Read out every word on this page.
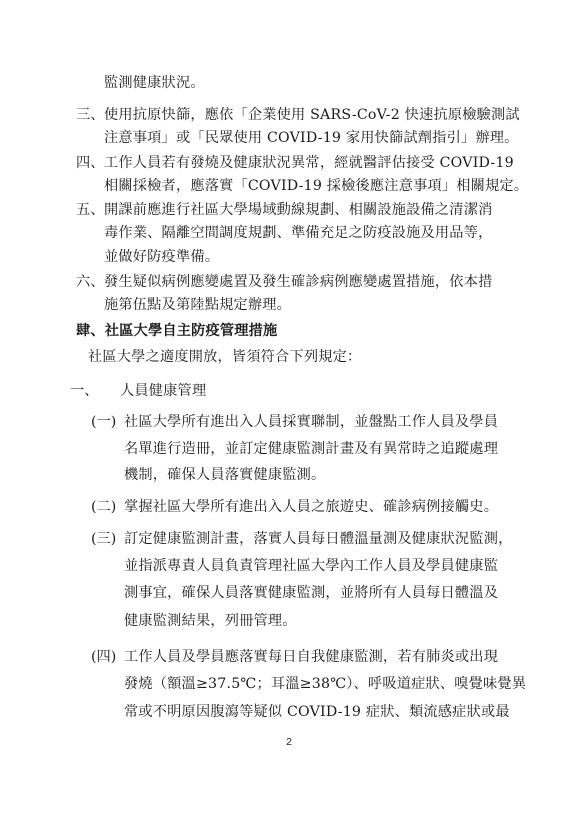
監測健康狀況。
三、 使用抗原快篩，應依「企業使用 SARS-CoV-2 快速抗原檢驗測試
注意事項」或「民眾使用 COVID-19 家用快篩試劑指引」辦理。
四、 工作人員若有發燒及健康狀況異常，經就醫評估接受 COVID-19
相關採檢者，應落實「COVID-19 採檢後應注意事項」相關規定。
五、 開課前應進行社區大學場域動線規劃、相關設施設備之清潔消
毒作業、隔離空間調度規劃、準備充足之防疫設施及用品等，
並做好防疫準備。
六、 發生疑似病例應變處置及發生確診病例應變處置措施，依本措
施第伍點及第陸點規定辦理。
肆、社區大學自主防疫管理措施
社區大學之適度開放，皆須符合下列規定：
一、 人員健康管理
(一) 社區大學所有進出入人員採實聯制，並盤點工作人員及學員
名單進行造冊，並訂定健康監測計畫及有異常時之追蹤處理
機制，確保人員落實健康監測。
(二) 掌握社區大學所有進出入人員之旅遊史、確診病例接觸史。
(三) 訂定健康監測計畫，落實人員每日體溫量測及健康狀況監測，
並指派專責人員負責管理社區大學內工作人員及學員健康監
測事宜，確保人員落實健康監測，並將所有人員每日體溫及
健康監測結果，列冊管理。
(四) 工作人員及學員應落實每日自我健康監測，若有肺炎或出現
發燒（額溫≥37.5℃；耳溫≥38℃）、呼吸道症狀、嗅覺味覺異
常或不明原因腹瀉等疑似 COVID-19 症狀、類流感症狀或最
2
